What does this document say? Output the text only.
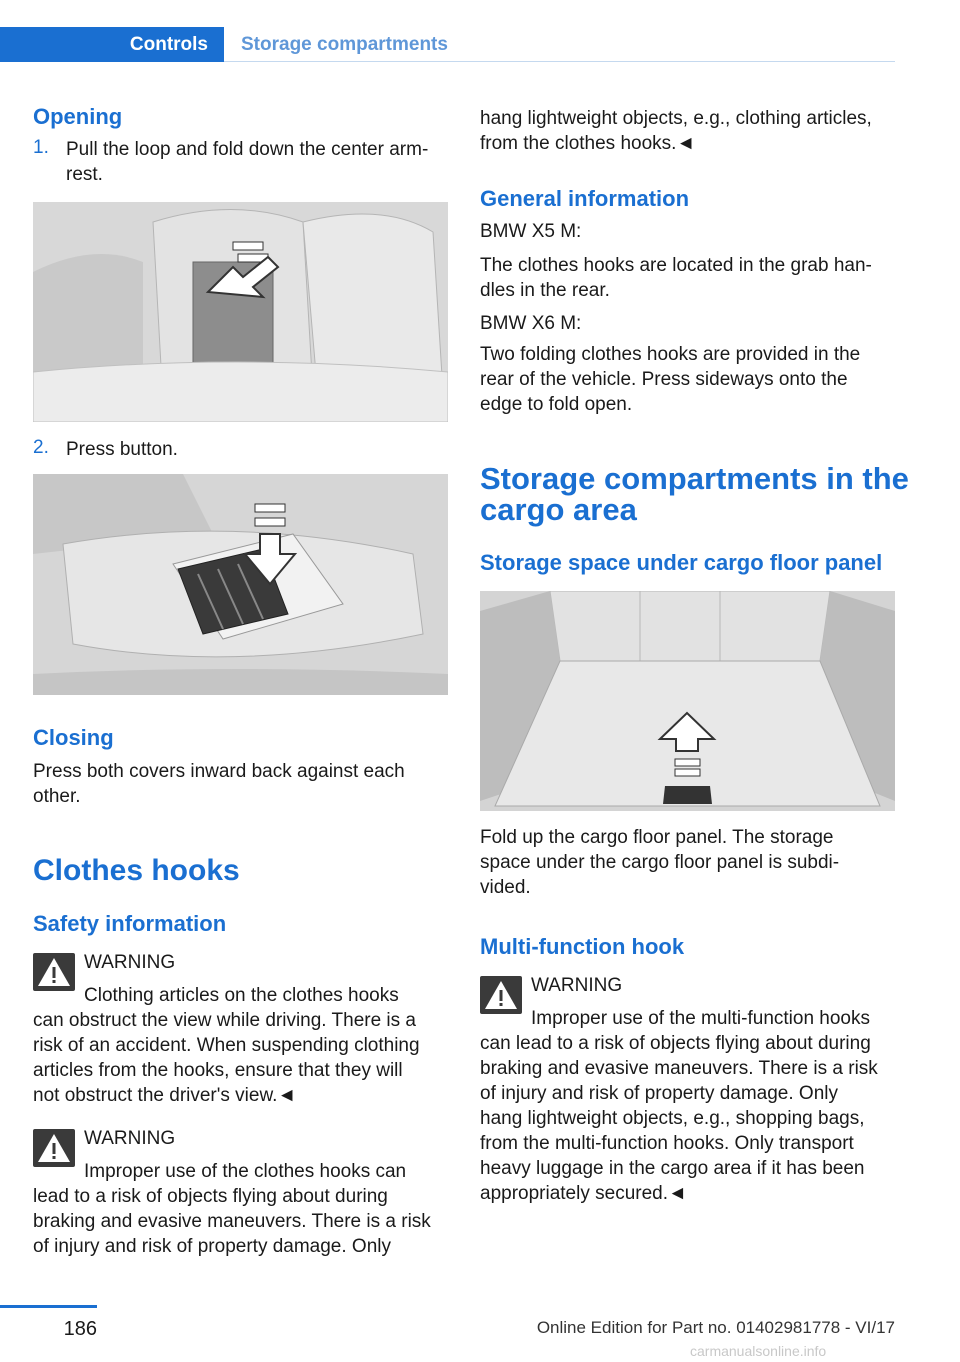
Controls	Storage compartments
Opening
1. Pull the loop and fold down the center arm‐
rest.
2. Press button.
Closing
Press both covers inward back against each
other.
Clothes hooks
Safety information
WARNING
Clothing articles on the clothes hooks
can obstruct the view while driving. There is a
risk of an accident. When suspending clothing
articles from the hooks, ensure that they will
not obstruct the driver's view.◄
WARNING
Improper use of the clothes hooks can
lead to a risk of objects flying about during
braking and evasive maneuvers. There is a risk
of injury and risk of property damage. Only
hang lightweight objects, e.g., clothing articles,
from the clothes hooks.◄
General information
BMW X5 M:
The clothes hooks are located in the grab han‐
dles in the rear.
BMW X6 M:
Two folding clothes hooks are provided in the
rear of the vehicle. Press sideways onto the
edge to fold open.
Storage compartments in the
cargo area
Storage space under cargo floor panel
Fold up the cargo floor panel. The storage
space under the cargo floor panel is subdi‐
vided.
Multi-function hook
WARNING
Improper use of the multi-function hooks
can lead to a risk of objects flying about during
braking and evasive maneuvers. There is a risk
of injury and risk of property damage. Only
hang lightweight objects, e.g., shopping bags,
from the multi-function hooks. Only transport
heavy luggage in the cargo area if it has been
appropriately secured.◄
186	Online Edition for Part no. 01402981778 - VI/17
carmanualsonline.info
